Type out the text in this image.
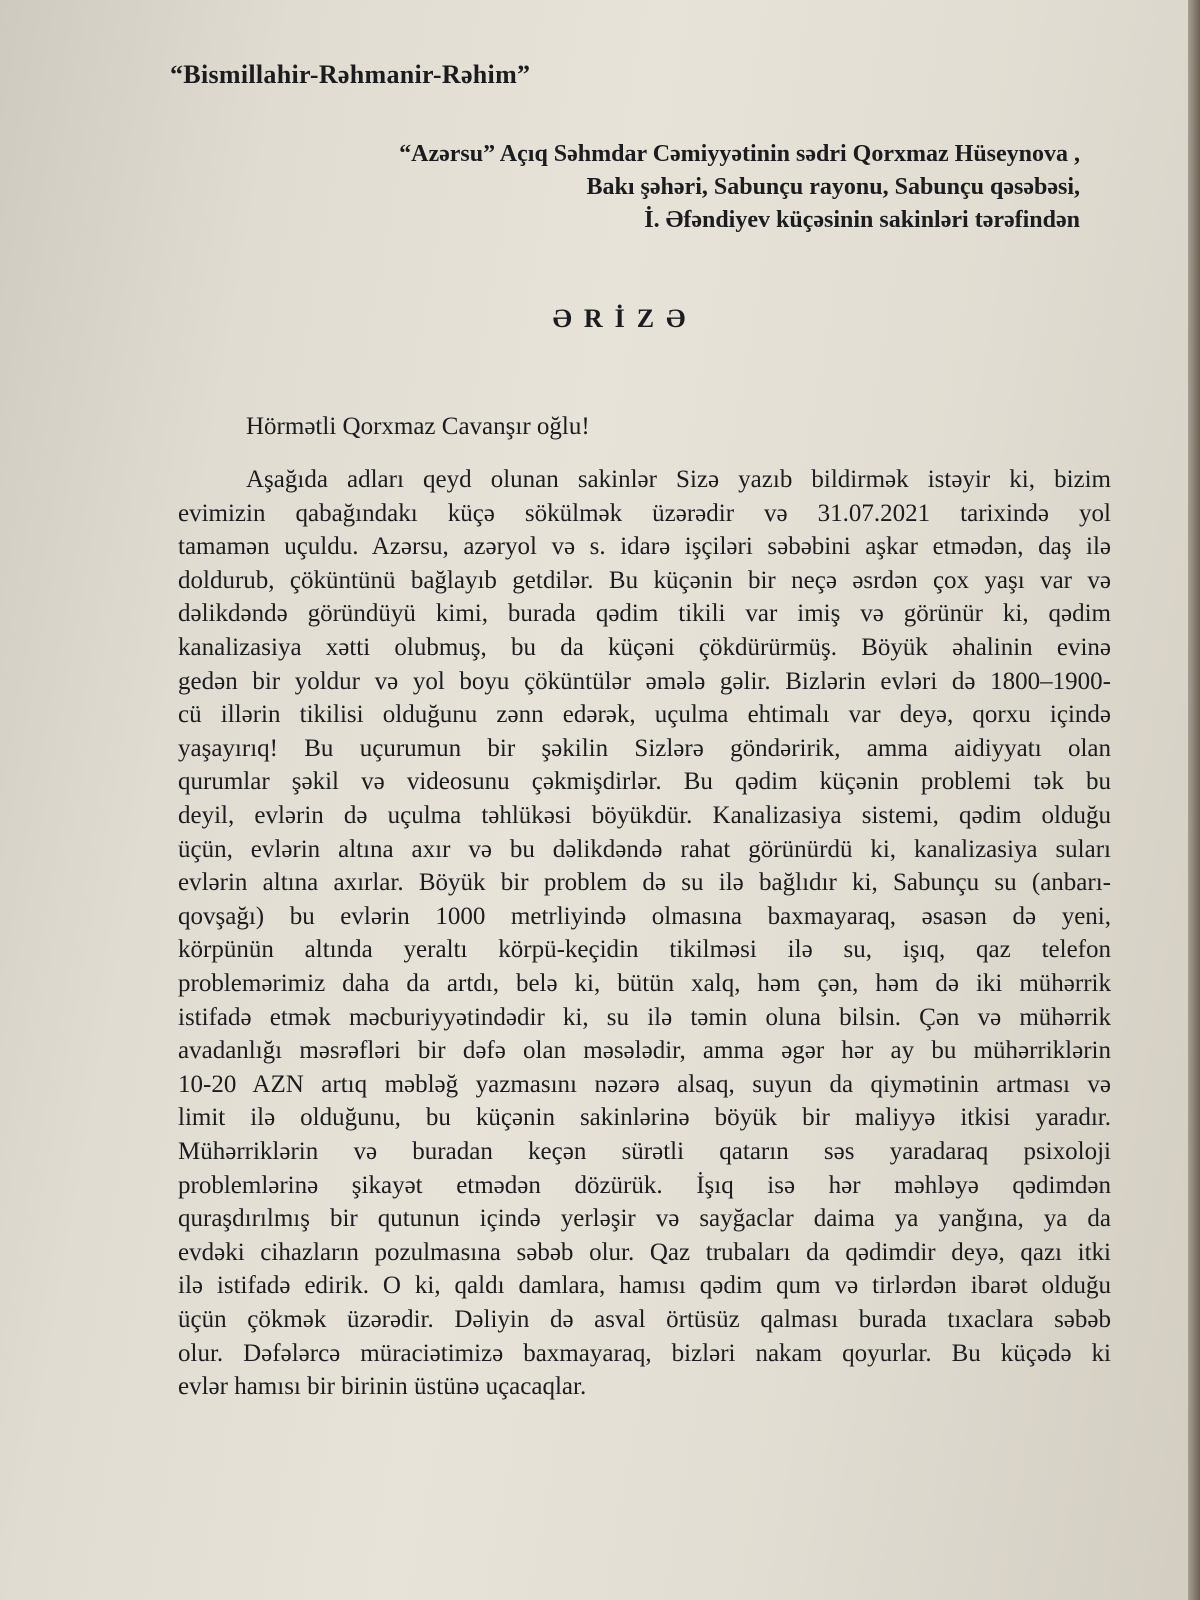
“Bismillahir-Rəhmanir-Rəhim”
“Azərsu” Açıq Səhmdar Cəmiyyətinin sədri Qorxmaz Hüseynova ,
Bakı şəhəri, Sabunçu rayonu, Sabunçu qəsəbəsi,
İ. Əfəndiyev küçəsinin sakinləri tərəfindən
ƏRİZƏ
Hörmətli Qorxmaz Cavanşır oğlu!
Aşağıda adları qeyd olunan sakinlər Sizə yazıb bildirmək istəyir ki, bizim
evimizin qabağındakı küçə sökülmək üzərədir və 31.07.2021 tarixində yol
tamamən uçuldu. Azərsu, azəryol və s. idarə işçiləri səbəbini aşkar etmədən, daş ilə
doldurub, çöküntünü bağlayıb getdilər. Bu küçənin bir neçə əsrdən çox yaşı var və
dəlikdəndə göründüyü kimi, burada qədim tikili var imiş və görünür ki, qədim
kanalizasiya xətti olubmuş, bu da küçəni çökdürürmüş. Böyük əhalinin evinə
gedən bir yoldur və yol boyu çöküntülər əmələ gəlir. Bizlərin evləri də 1800–1900-
cü illərin tikilisi olduğunu zənn edərək, uçulma ehtimalı var deyə, qorxu içində
yaşayırıq! Bu uçurumun bir şəkilin Sizlərə göndəririk, amma aidiyyatı olan
qurumlar şəkil və videosunu çəkmişdirlər. Bu qədim küçənin problemi tək bu
deyil, evlərin də uçulma təhlükəsi böyükdür. Kanalizasiya sistemi, qədim olduğu
üçün, evlərin altına axır və bu dəlikdəndə rahat görünürdü ki, kanalizasiya suları
evlərin altına axırlar. Böyük bir problem də su ilə bağlıdır ki, Sabunçu su (anbarı-
qovşağı) bu evlərin 1000 metrliyində olmasına baxmayaraq, əsasən də yeni,
körpünün altında yeraltı körpü-keçidin tikilməsi ilə su, işıq, qaz telefon
problemərimiz daha da artdı, belə ki, bütün xalq, həm çən, həm də iki mühərrik
istifadə etmək məcburiyyətindədir ki, su ilə təmin oluna bilsin. Çən və mühərrik
avadanlığı məsrəfləri bir dəfə olan məsələdir, amma əgər hər ay bu mühərriklərin
10-20 AZN artıq məbləğ yazmasını nəzərə alsaq, suyun da qiymətinin artması və
limit ilə olduğunu, bu küçənin sakinlərinə böyük bir maliyyə itkisi yaradır.
Mühərriklərin və buradan keçən sürətli qatarın səs yaradaraq psixoloji
problemlərinə şikayət etmədən dözürük. İşıq isə hər məhləyə qədimdən
quraşdırılmış bir qutunun içində yerləşir və sayğaclar daima ya yanğına, ya da
evdəki cihazların pozulmasına səbəb olur. Qaz trubaları da qədimdir deyə, qazı itki
ilə istifadə edirik. O ki, qaldı damlara, hamısı qədim qum və tirlərdən ibarət olduğu
üçün çökmək üzərədir. Dəliyin də asval örtüsüz qalması burada tıxaclara səbəb
olur. Dəfələrcə müraciətimizə baxmayaraq, bizləri nakam qoyurlar. Bu küçədə ki
evlər hamısı bir birinin üstünə uçacaqlar.
